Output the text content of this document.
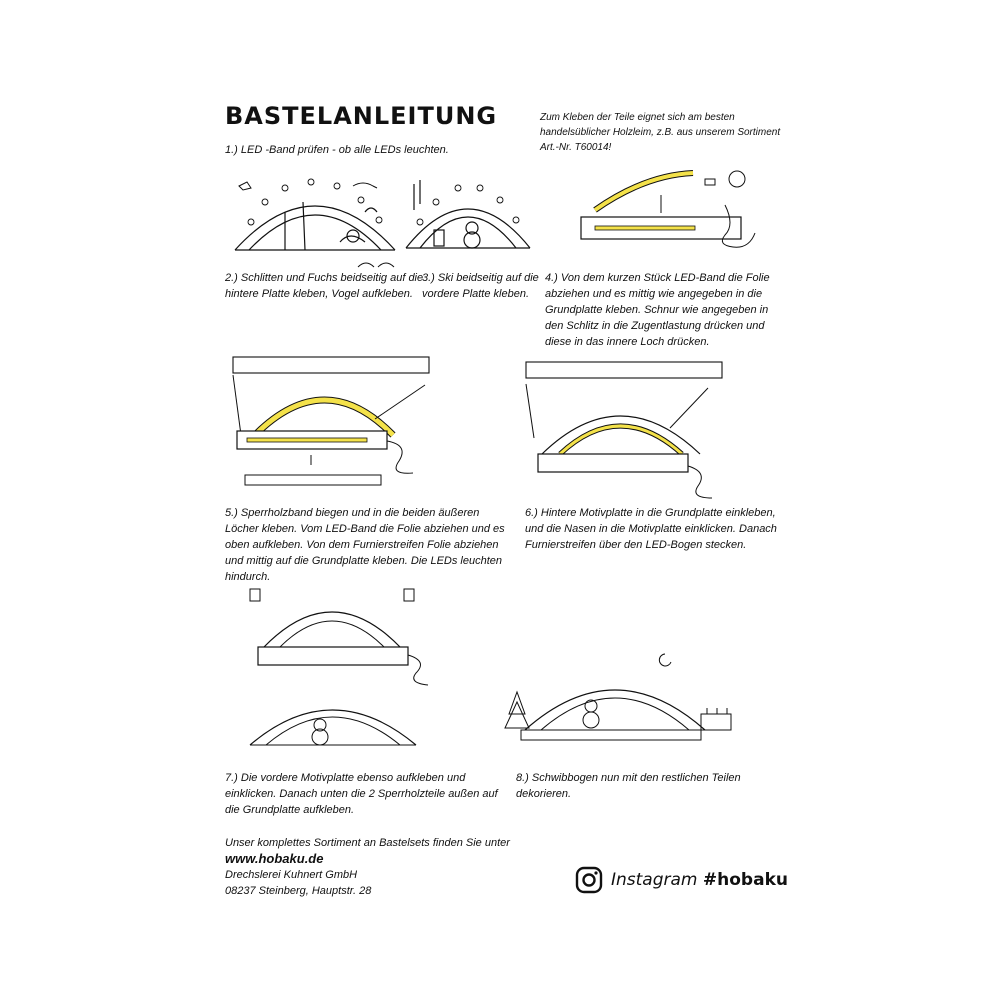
BASTELANLEITUNG	Zum Kleben der Teile eignet sich am besten handelsüblicher Holzleim, z.B. aus unserem Sortiment Art.-Nr. T60014!
1.) LED -Band prüfen - ob alle LEDs leuchten.
2.) Schlitten und Fuchs beidseitig auf die hintere Platte kleben, Vogel aufkleben.
3.) Ski beidseitig auf die vordere Platte kleben.
4.) Von dem kurzen Stück LED-Band die Folie abziehen und es mittig wie angegeben in die Grundplatte kleben. Schnur wie angegeben in den Schlitz in die Zugentlastung drücken und diese in das innere Loch drücken.
5.) Sperrholzband biegen und in die beiden äußeren Löcher kleben. Vom LED-Band die Folie abziehen und es oben aufkleben. Von dem Furnierstreifen Folie abziehen und mittig auf die Grundplatte kleben. Die LEDs leuchten hindurch.
6.) Hintere Motivplatte in die Grundplatte einkleben, und die Nasen in die Motivplatte einklicken. Danach Furnierstreifen über den LED-Bogen stecken.
7.) Die vordere Motivplatte ebenso aufkleben und einklicken. Danach unten die 2 Sperrholzteile außen auf die Grundplatte aufkleben.
8.) Schwibbogen nun mit den restlichen Teilen dekorieren.
Unser komplettes Sortiment an Bastelsets finden Sie unter
www.hobaku.de
Drechslerei Kuhnert GmbH
08237 Steinberg, Hauptstr. 28
Instagram #hobaku
